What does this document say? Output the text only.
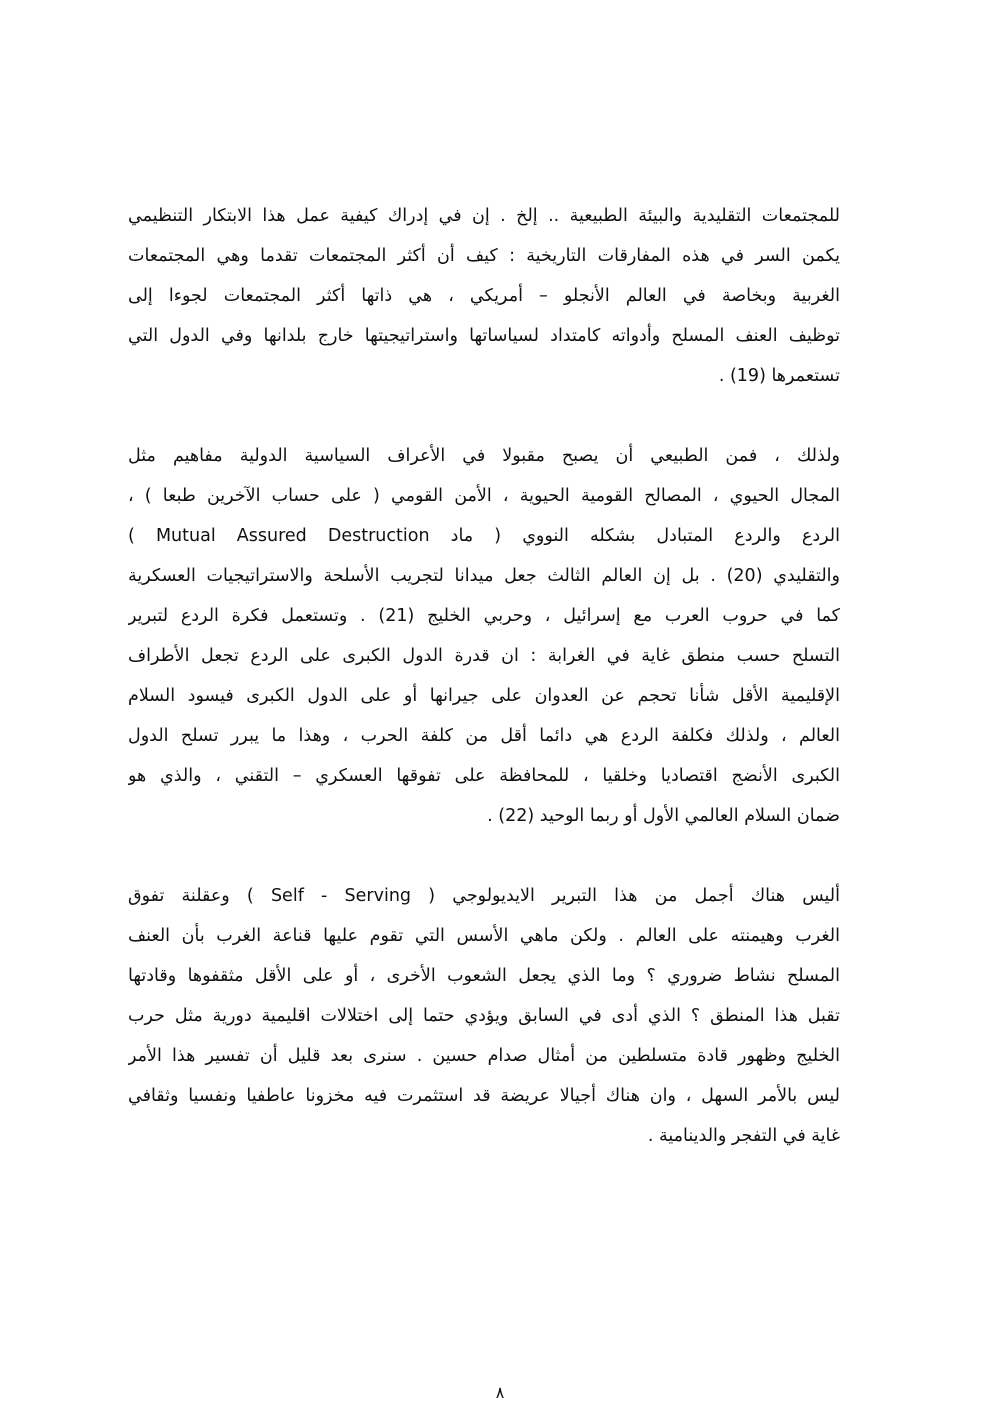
للمجتمعات التقليدية والبيئة الطبيعية .. إلخ . إن في إدراك كيفية عمل هذا الابتكار التنظيمي
يكمن السر في هذه المفارقات التاريخية : كيف أن أكثر المجتمعات تقدما وهي المجتمعات
الغربية وبخاصة في العالم الأنجلو – أمريكي ، هي ذاتها أكثر المجتمعات لجوءا إلى
توظيف العنف المسلح وأدواته كامتداد لسياساتها واستراتيجيتها خارج بلدانها وفي الدول التي
تستعمرها (19) .
ولذلك ، فمن الطبيعي أن يصبح مقبولا في الأعراف السياسية الدولية مفاهيم مثل
المجال الحيوي ، المصالح القومية الحيوية ، الأمن القومي ( على حساب الآخرين طبعا ) ،
الردع والردع المتبادل بشكله النووي ( ماد Mutual Assured Destruction )
والتقليدي (20) . بل إن العالم الثالث جعل ميدانا لتجريب الأسلحة والاستراتيجيات العسكرية
كما في حروب العرب مع إسرائيل ، وحربي الخليج (21) . وتستعمل فكرة الردع لتبرير
التسلح حسب منطق غاية في الغرابة : ان قدرة الدول الكبرى على الردع تجعل الأطراف
الإقليمية الأقل شأنا تحجم عن العدوان على جيرانها أو على الدول الكبرى فيسود السلام
العالم ، ولذلك فكلفة الردع هي دائما أقل من كلفة الحرب ، وهذا ما يبرر تسلح الدول
الكبرى الأنضج اقتصاديا وخلقيا ، للمحافظة على تفوقها العسكري – التقني ، والذي هو
ضمان السلام العالمي الأول أو ربما الوحيد (22) .
أليس هناك أجمل من هذا التبرير الايديولوجي ( Self - Serving ) وعقلنة تفوق
الغرب وهيمنته على العالم . ولكن ماهي الأسس التي تقوم عليها قناعة الغرب بأن العنف
المسلح نشاط ضروري ؟ وما الذي يجعل الشعوب الأخرى ، أو على الأقل مثقفوها وقادتها
تقبل هذا المنطق ؟ الذي أدى في السابق ويؤدي حتما إلى اختلالات اقليمية دورية مثل حرب
الخليج وظهور قادة متسلطين من أمثال صدام حسين . سنرى بعد قليل أن تفسير هذا الأمر
ليس بالأمر السهل ، وان هناك أجيالا عريضة قد استثمرت فيه مخزونا عاطفيا ونفسيا وثقافي
غاية في التفجر والدينامية .
٨
